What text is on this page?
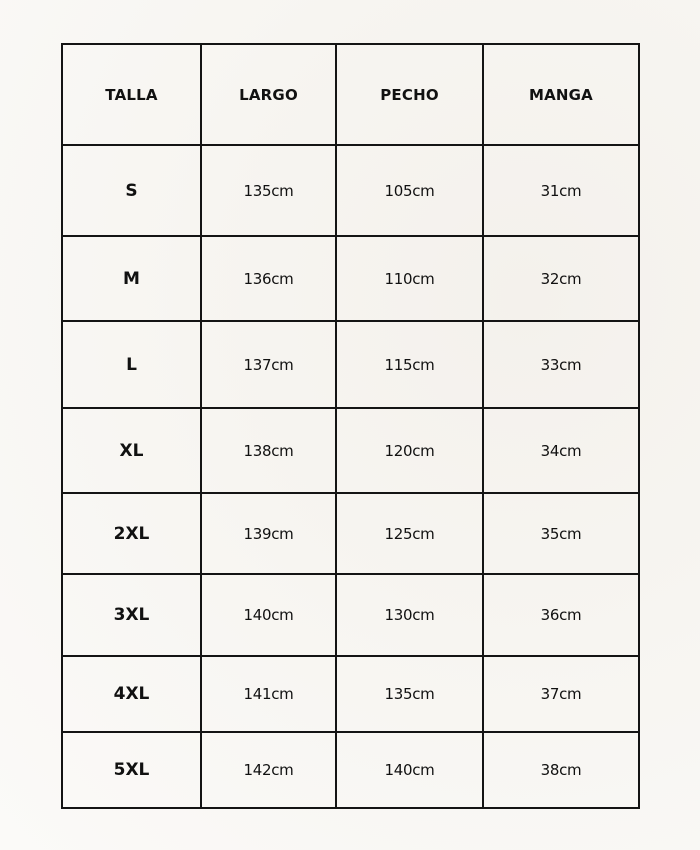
TALLA	LARGO	PECHO	MANGA
S	135cm	105cm	31cm
M	136cm	110cm	32cm
L	137cm	115cm	33cm
XL	138cm	120cm	34cm
2XL	139cm	125cm	35cm
3XL	140cm	130cm	36cm
4XL	141cm	135cm	37cm
5XL	142cm	140cm	38cm
